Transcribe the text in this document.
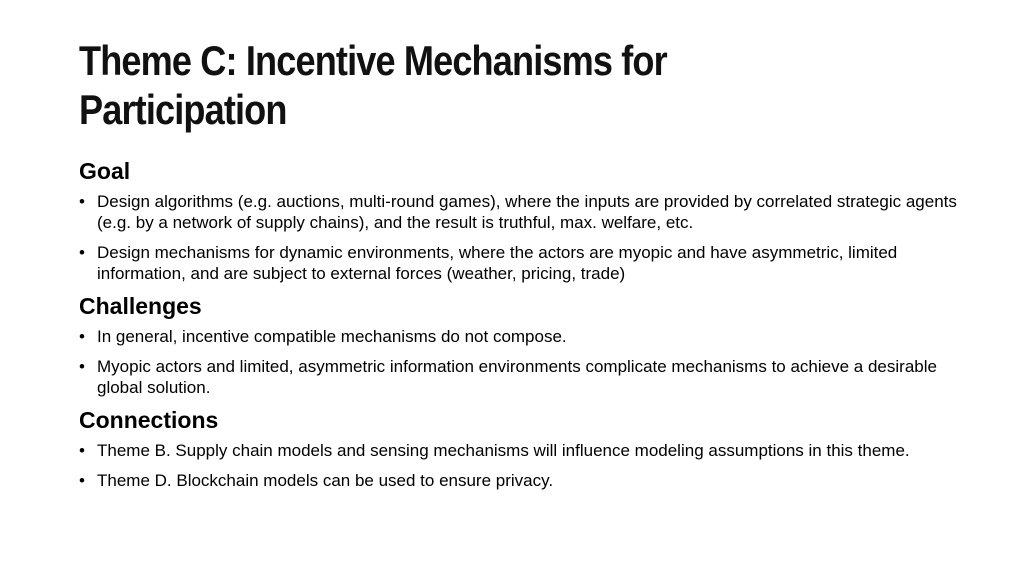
Theme C: Incentive Mechanisms for Participation
Goal
• Design algorithms (e.g. auctions, multi-round games), where the inputs are provided by correlated strategic agents (e.g. by a network of supply chains), and the result is truthful, max. welfare, etc.
• Design mechanisms for dynamic environments, where the actors are myopic and have asymmetric, limited information, and are subject to external forces (weather, pricing, trade)
Challenges
• In general, incentive compatible mechanisms do not compose.
• Myopic actors and limited, asymmetric information environments complicate mechanisms to achieve a desirable global solution.
Connections
• Theme B. Supply chain models and sensing mechanisms will influence modeling assumptions in this theme.
• Theme D. Blockchain models can be used to ensure privacy.
